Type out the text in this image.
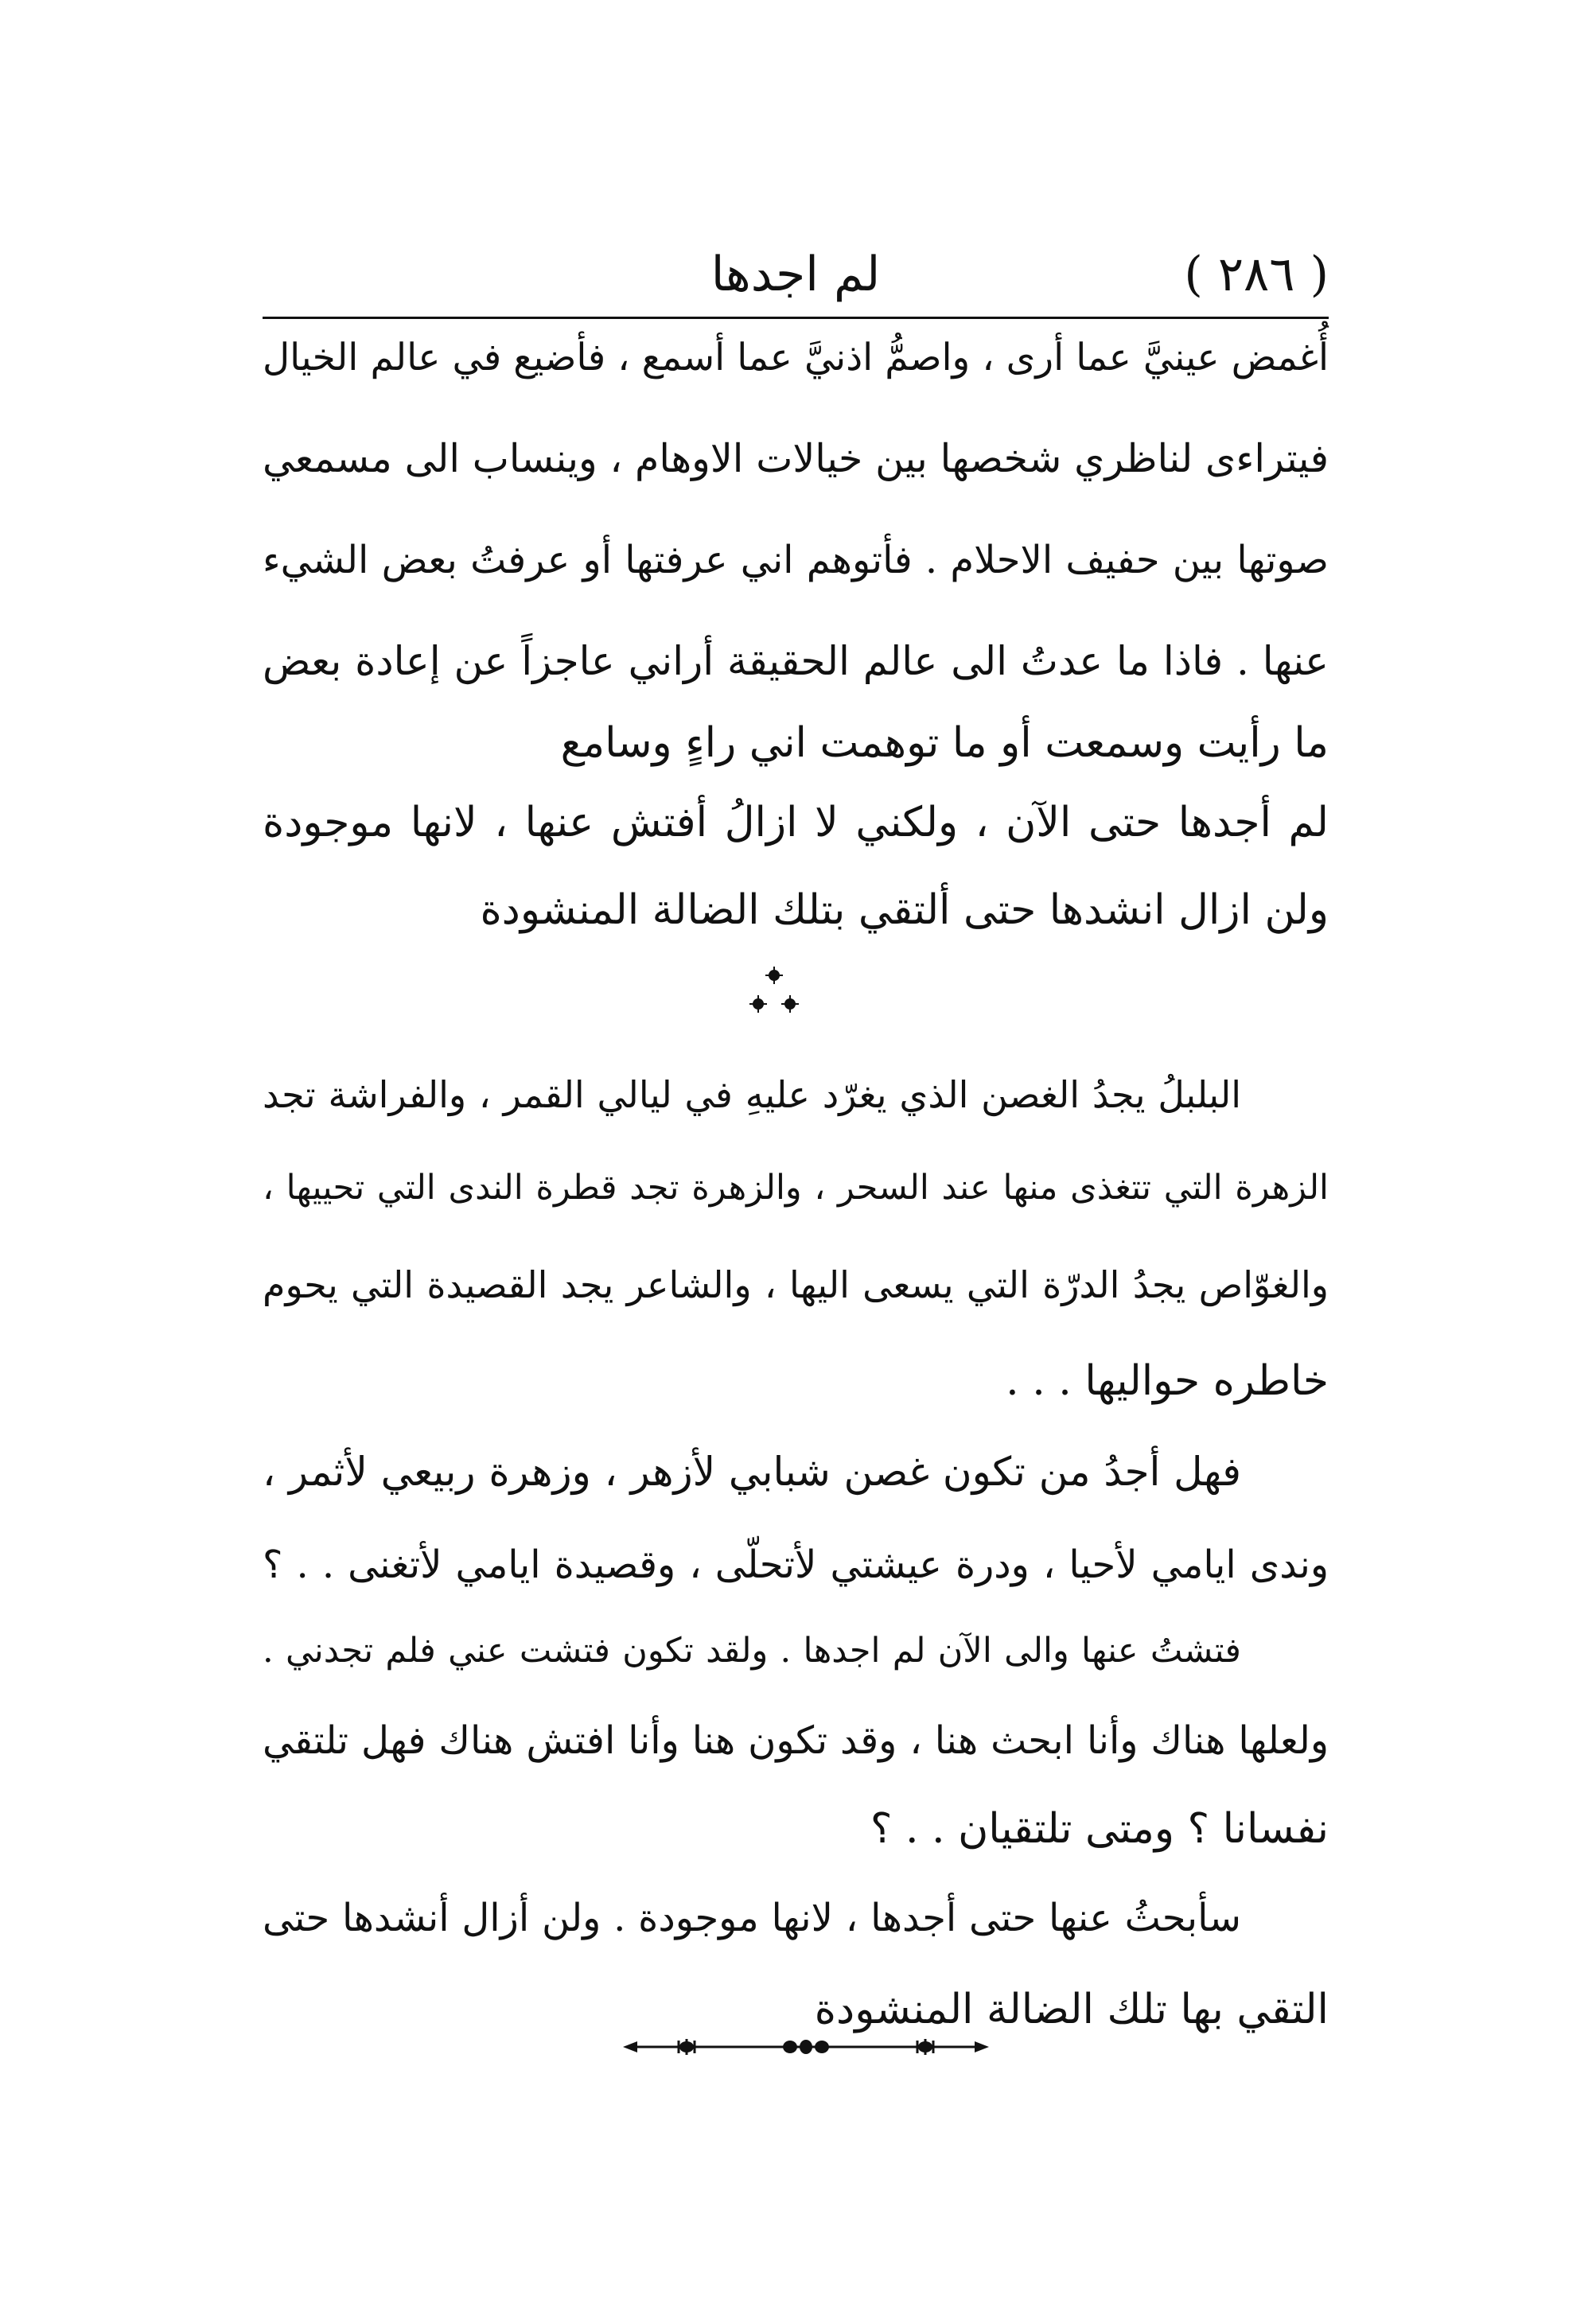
( ٢٨٦ )
لم اجدها
أُغمض عينيَّ عما أرى ، واصمُّ اذنيَّ عما أسمع ، فأضيع في عالم الخيال
فيتراءى لناظري شخصها بين خيالات الاوهام ، وينساب الى مسمعي
صوتها بين حفيف الاحلام . فأتوهم اني عرفتها أو عرفتُ بعض الشيء
عنها . فاذا ما عدتُ الى عالم الحقيقة أراني عاجزاً عن إعادة بعض
ما رأيت وسمعت أو ما توهمت اني راءٍ وسامع
لم أجدها حتى الآن ، ولكني لا ازالُ أفتش عنها ، لانها موجودة
ولن ازال انشدها حتى ألتقي بتلك الضالة المنشودة
البلبلُ يجدُ الغصن الذي يغرّد عليهِ في ليالي القمر ، والفراشة تجد
الزهرة التي تتغذى منها عند السحر ، والزهرة تجد قطرة الندى التي تحييها ،
والغوّاص يجدُ الدرّة التي يسعى اليها ، والشاعر يجد القصيدة التي يحوم
خاطره حواليها . . .
فهل أجدُ من تكون غصن شبابي لأزهر ، وزهرة ربيعي لأثمر ،
وندى ايامي لأحيا ، ودرة عيشتي لأتحلّى ، وقصيدة ايامي لأتغنى . . ؟
فتشتُ عنها والى الآن لم اجدها . ولقد تكون فتشت عني فلم تجدني .
ولعلها هناك وأنا ابحث هنا ، وقد تكون هنا وأنا افتش هناك فهل تلتقي
نفسانا ؟ ومتى تلتقيان . . ؟
سأبحثُ عنها حتى أجدها ، لانها موجودة . ولن أزال أنشدها حتى
التقي بها تلك الضالة المنشودة
